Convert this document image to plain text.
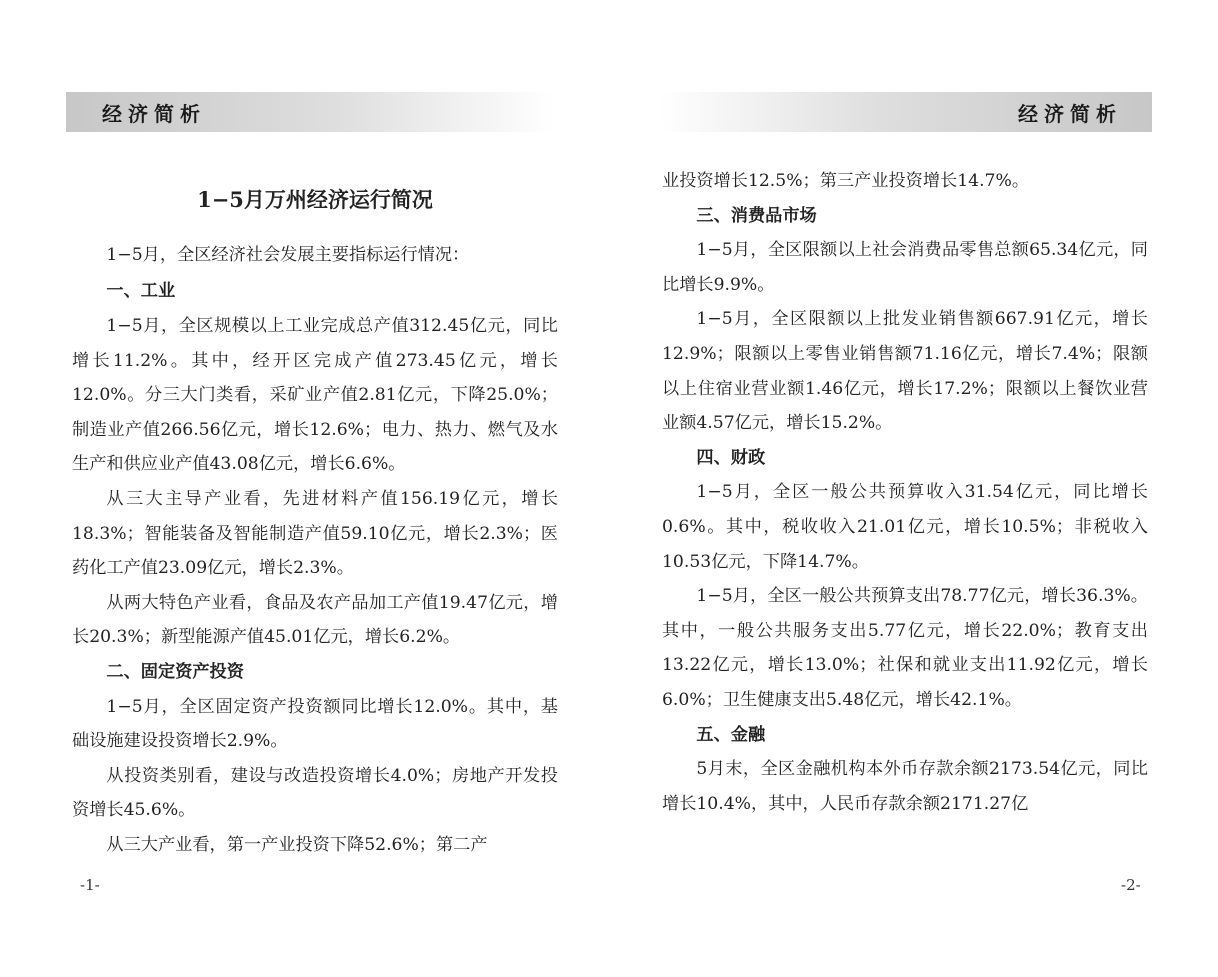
经济简析	经济简析
1−5月万州经济运行简况
1−5月，全区经济社会发展主要指标运行情况：
一、工业

1−5月，全区规模以上工业完成总产值312.45亿元，同比增长11.2%。其中，经开区完成产值273.45亿元，增长12.0%。分三大门类看，采矿业产值2.81亿元，下降25.0%；制造业产值266.56亿元，增长12.6%；电力、热力、燃气及水生产和供应业产值43.08亿元，增长6.6%。

从三大主导产业看，先进材料产值156.19亿元，增长18.3%；智能装备及智能制造产值59.10亿元，增长2.3%；医药化工产值23.09亿元，增长2.3%。

从两大特色产业看，食品及农产品加工产值19.47亿元，增长20.3%；新型能源产值45.01亿元，增长6.2%。

二、固定资产投资

1−5月，全区固定资产投资额同比增长12.0%。其中，基础设施建设投资增长2.9%。

从投资类别看，建设与改造投资增长4.0%；房地产开发投资增长45.6%。

从三大产业看，第一产业投资下降52.6%；第二产

业投资增长12.5%；第三产业投资增长14.7%。

三、消费品市场

1−5月，全区限额以上社会消费品零售总额65.34亿元，同比增长9.9%。

1−5月，全区限额以上批发业销售额667.91亿元，增长12.9%；限额以上零售业销售额71.16亿元，增长7.4%；限额以上住宿业营业额1.46亿元，增长17.2%；限额以上餐饮业营业额4.57亿元，增长15.2%。

四、财政

1−5月，全区一般公共预算收入31.54亿元，同比增长0.6%。其中，税收收入21.01亿元，增长10.5%；非税收入10.53亿元，下降14.7%。

1−5月，全区一般公共预算支出78.77亿元，增长36.3%。其中，一般公共服务支出5.77亿元，增长22.0%；教育支出13.22亿元，增长13.0%；社保和就业支出11.92亿元，增长6.0%；卫生健康支出5.48亿元，增长42.1%。

五、金融

5月末，全区金融机构本外币存款余额2173.54亿元，同比增长10.4%，其中，人民币存款余额2171.27亿

-1-	-2-
